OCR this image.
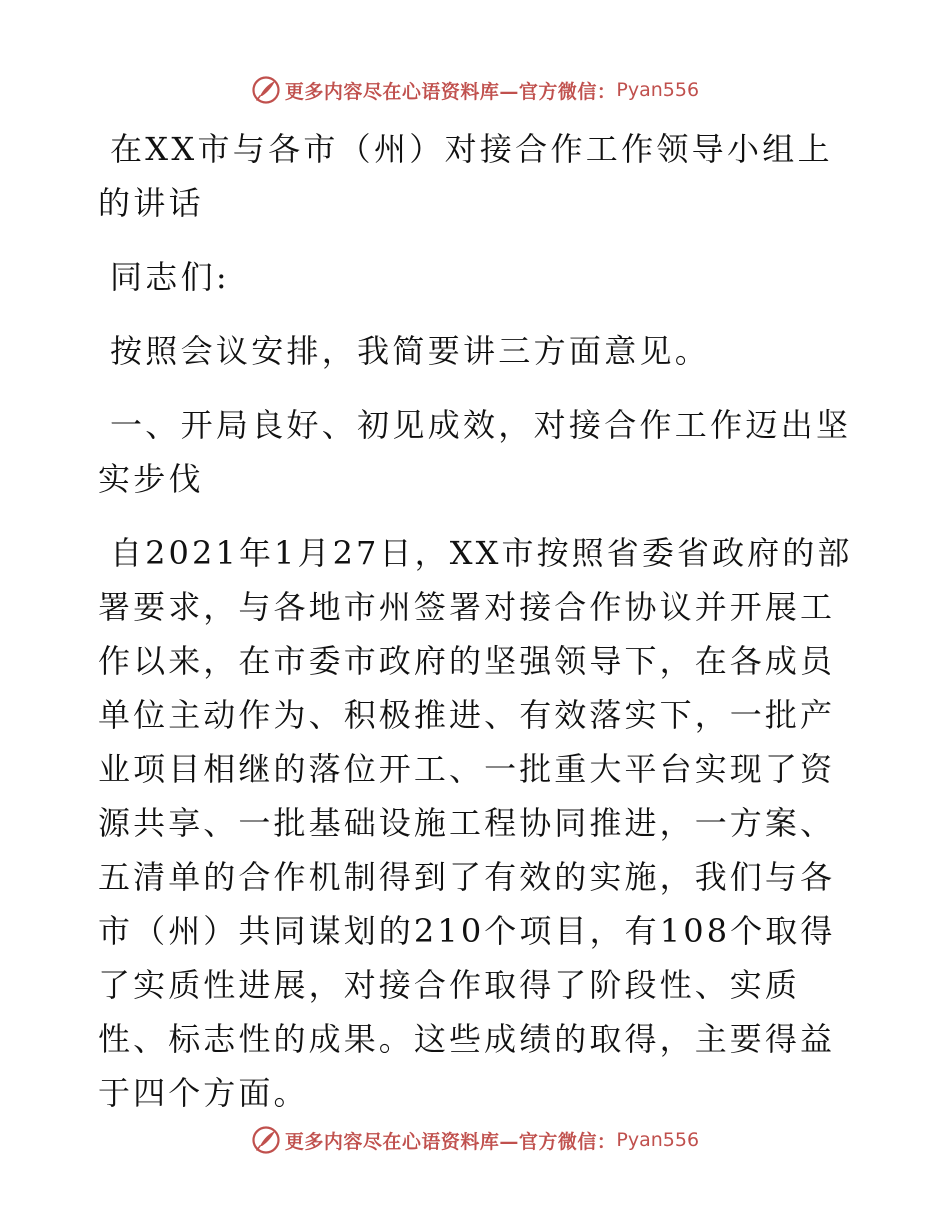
更多内容尽在心语资料库—官方微信： Pyan556

在XX市与各市（州）对接合作工作领导小组上的讲话

同志们:

按照会议安排，我简要讲三方面意见。

一、开局良好、初见成效，对接合作工作迈出坚实步伐

自2021年1月27日，XX市按照省委省政府的部署要求，与各地市州签署对接合作协议并开展工作以来，在市委市政府的坚强领导下，在各成员单位主动作为、积极推进、有效落实下，一批产业项目相继的落位开工、一批重大平台实现了资源共享、一批基础设施工程协同推进，一方案、五清单的合作机制得到了有效的实施，我们与各市（州）共同谋划的210个项目，有108个取得了实质性进展，对接合作取得了阶段性、实质性、标志性的成果。这些成绩的取得，主要得益于四个方面。

更多内容尽在心语资料库—官方微信： Pyan556
